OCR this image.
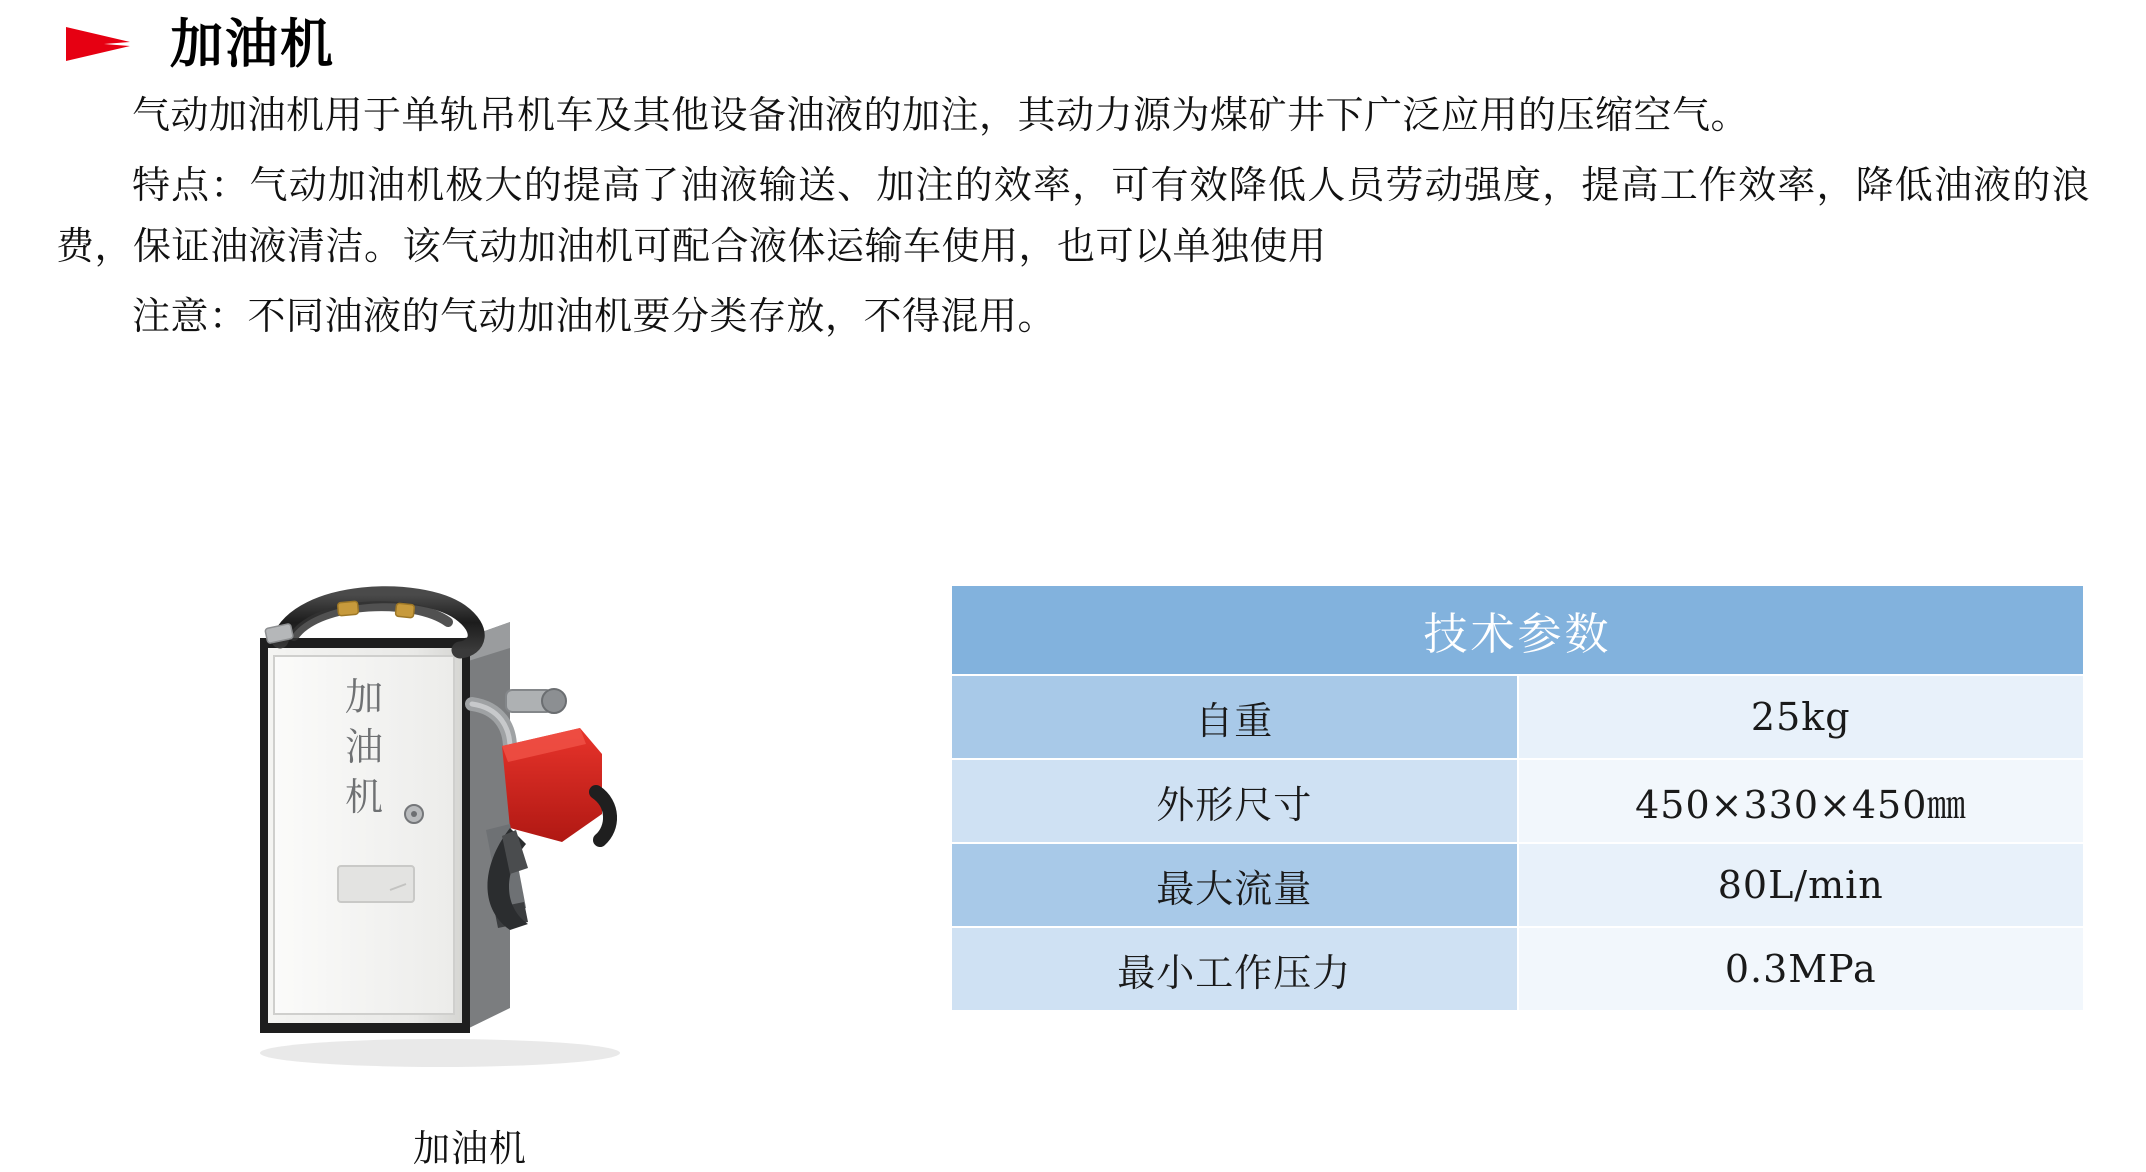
加油机

气动加油机用于单轨吊机车及其他设备油液的加注，其动力源为煤矿井下广泛应用的压缩空气。

特点：气动加油机极大的提高了油液输送、加注的效率，可有效降低人员劳动强度，提高工作效率，降低油液的浪费，保证油液清洁。该气动加油机可配合液体运输车使用，也可以单独使用

注意：不同油液的气动加油机要分类存放，不得混用。

加
油
机
加油机
技术参数	
自重	25kg
外形尺寸	450×330×450㎜
最大流量	80L/min
最小工作压力	0.3MPa
